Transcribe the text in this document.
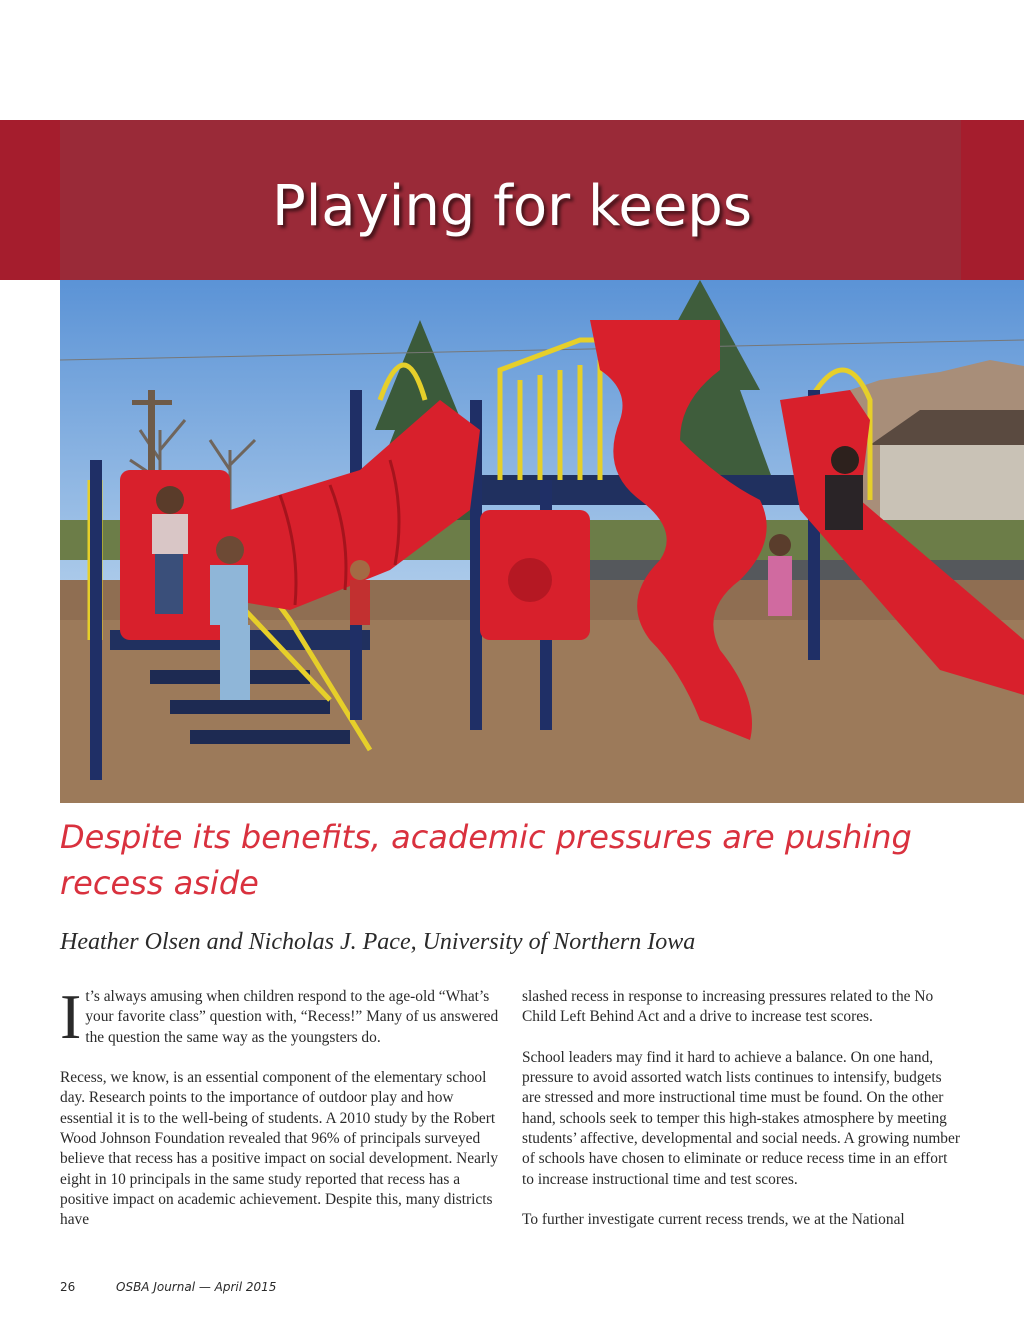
Playing for keeps
Despite its benefits, academic pressures are pushing recess aside

Heather Olsen and Nicholas J. Pace, University of Northern Iowa

It’s always amusing when children respond to the age-old “What’s your favorite class” question with, “Recess!” Many of us answered the question the same way as the youngsters do.

Recess, we know, is an essential component of the elementary school day. Research points to the importance of outdoor play and how essential it is to the well-being of students. A 2010 study by the Robert Wood Johnson Foundation revealed that 96% of principals surveyed believe that recess has a positive impact on social development. Nearly eight in 10 principals in the same study reported that recess has a positive impact on academic achievement. Despite this, many districts have

slashed recess in response to increasing pressures related to the No Child Left Behind Act and a drive to increase test scores.

School leaders may find it hard to achieve a balance. On one hand, pressure to avoid assorted watch lists continues to intensify, budgets are stressed and more instructional time must be found. On the other hand, schools seek to temper this high-stakes atmosphere by meeting students’ affective, developmental and social needs. A growing number of schools have chosen to eliminate or reduce recess time in an effort to increase instructional time and test scores.

To further investigate current recess trends, we at the National

26	OSBA Journal — April 2015
